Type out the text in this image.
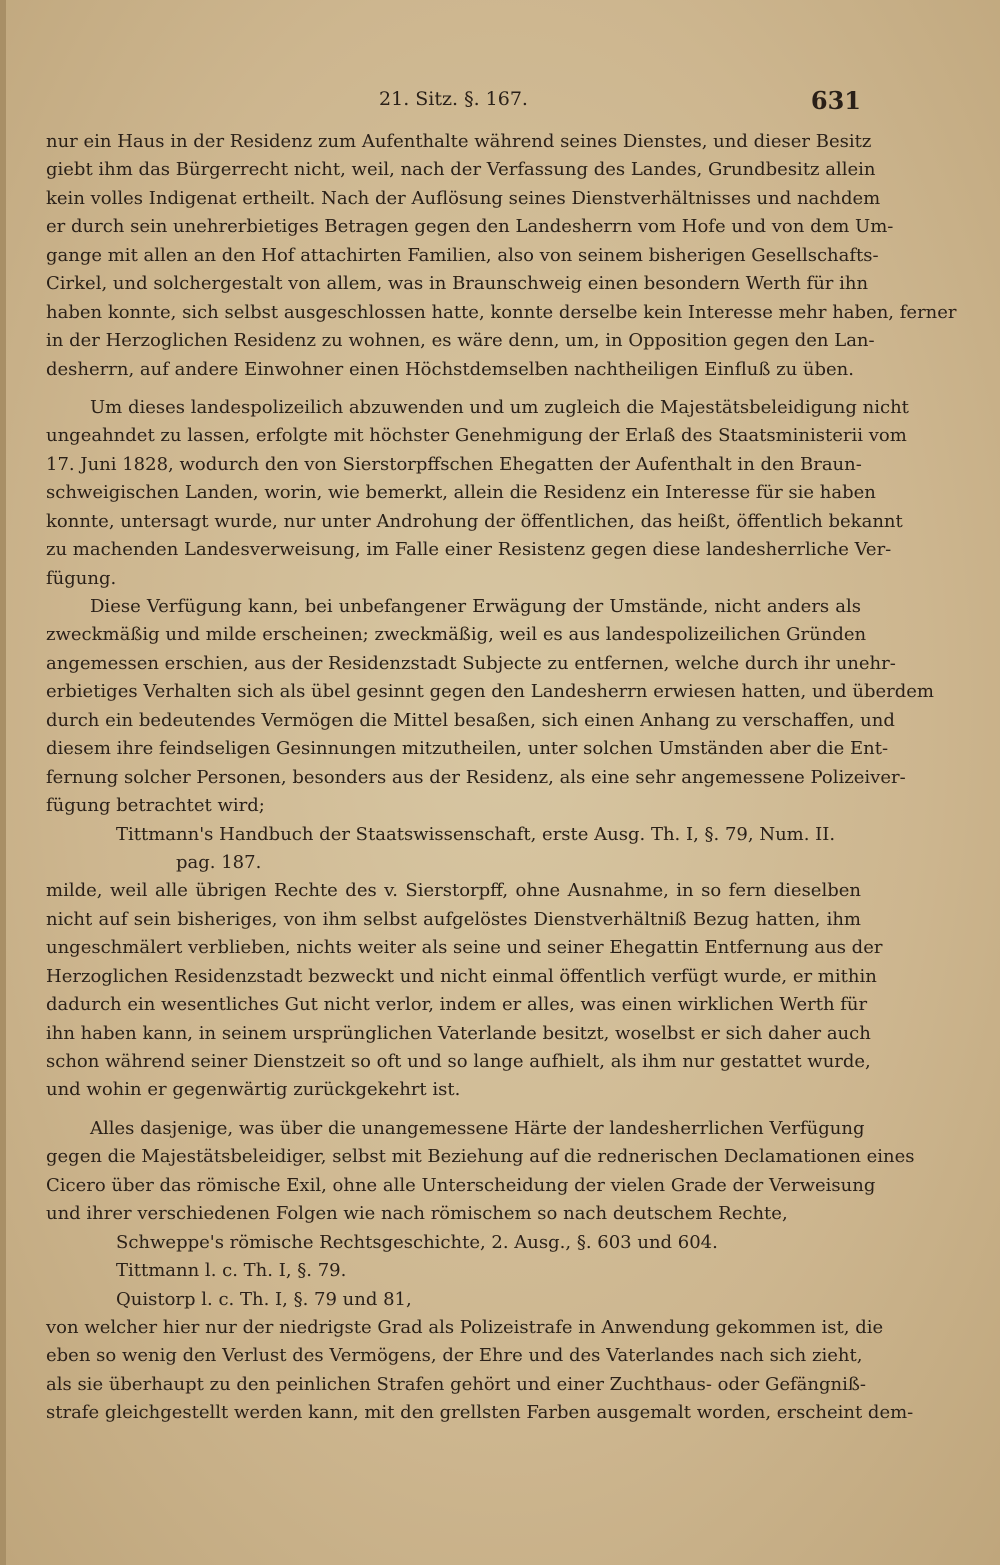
21. Sitz. §. 167.	631
nur ein Haus in der Residenz zum Aufenthalte während seines Dienstes, und dieser Besitz
giebt ihm das Bürgerrecht nicht, weil, nach der Verfassung des Landes, Grundbesitz allein
kein volles Indigenat ertheilt. Nach der Auflösung seines Dienstverhältnisses und nachdem
er durch sein unehrerbietiges Betragen gegen den Landesherrn vom Hofe und von dem Um-
gange mit allen an den Hof attachirten Familien, also von seinem bisherigen Gesellschafts-
Cirkel, und solchergestalt von allem, was in Braunschweig einen besondern Werth für ihn
haben konnte, sich selbst ausgeschlossen hatte, konnte derselbe kein Interesse mehr haben, ferner
in der Herzoglichen Residenz zu wohnen, es wäre denn, um, in Opposition gegen den Lan-
desherrn, auf andere Einwohner einen Höchstdemselben nachtheiligen Einfluß zu üben.
Um dieses landespolizeilich abzuwenden und um zugleich die Majestätsbeleidigung nicht
ungeahndet zu lassen, erfolgte mit höchster Genehmigung der Erlaß des Staatsministerii vom
17. Juni 1828, wodurch den von Sierstorpffschen Ehegatten der Aufenthalt in den Braun-
schweigischen Landen, worin, wie bemerkt, allein die Residenz ein Interesse für sie haben
konnte, untersagt wurde, nur unter Androhung der öffentlichen, das heißt, öffentlich bekannt
zu machenden Landesverweisung, im Falle einer Resistenz gegen diese landesherrliche Ver-
fügung.
Diese Verfügung kann, bei unbefangener Erwägung der Umstände, nicht anders als
zweckmäßig und milde erscheinen; zweckmäßig, weil es aus landespolizeilichen Gründen
angemessen erschien, aus der Residenzstadt Subjecte zu entfernen, welche durch ihr unehr-
erbietiges Verhalten sich als übel gesinnt gegen den Landesherrn erwiesen hatten, und überdem
durch ein bedeutendes Vermögen die Mittel besaßen, sich einen Anhang zu verschaffen, und
diesem ihre feindseligen Gesinnungen mitzutheilen, unter solchen Umständen aber die Ent-
fernung solcher Personen, besonders aus der Residenz, als eine sehr angemessene Polizeiver-
fügung betrachtet wird;
Tittmann's Handbuch der Staatswissenschaft, erste Ausg. Th. I, §. 79, Num. II.
pag. 187.
milde, weil alle übrigen Rechte des v. Sierstorpff, ohne Ausnahme, in so fern dieselben
nicht auf sein bisheriges, von ihm selbst aufgelöstes Dienstverhältniß Bezug hatten, ihm
ungeschmälert verblieben, nichts weiter als seine und seiner Ehegattin Entfernung aus der
Herzoglichen Residenzstadt bezweckt und nicht einmal öffentlich verfügt wurde, er mithin
dadurch ein wesentliches Gut nicht verlor, indem er alles, was einen wirklichen Werth für
ihn haben kann, in seinem ursprünglichen Vaterlande besitzt, woselbst er sich daher auch
schon während seiner Dienstzeit so oft und so lange aufhielt, als ihm nur gestattet wurde,
und wohin er gegenwärtig zurückgekehrt ist.
Alles dasjenige, was über die unangemessene Härte der landesherrlichen Verfügung
gegen die Majestätsbeleidiger, selbst mit Beziehung auf die rednerischen Declamationen eines
Cicero über das römische Exil, ohne alle Unterscheidung der vielen Grade der Verweisung
und ihrer verschiedenen Folgen wie nach römischem so nach deutschem Rechte,
Schweppe's römische Rechtsgeschichte, 2. Ausg., §. 603 und 604.
Tittmann l. c. Th. I, §. 79.
Quistorp l. c. Th. I, §. 79 und 81,
von welcher hier nur der niedrigste Grad als Polizeistrafe in Anwendung gekommen ist, die
eben so wenig den Verlust des Vermögens, der Ehre und des Vaterlandes nach sich zieht,
als sie überhaupt zu den peinlichen Strafen gehört und einer Zuchthaus- oder Gefängniß-
strafe gleichgestellt werden kann, mit den grellsten Farben ausgemalt worden, erscheint dem-
